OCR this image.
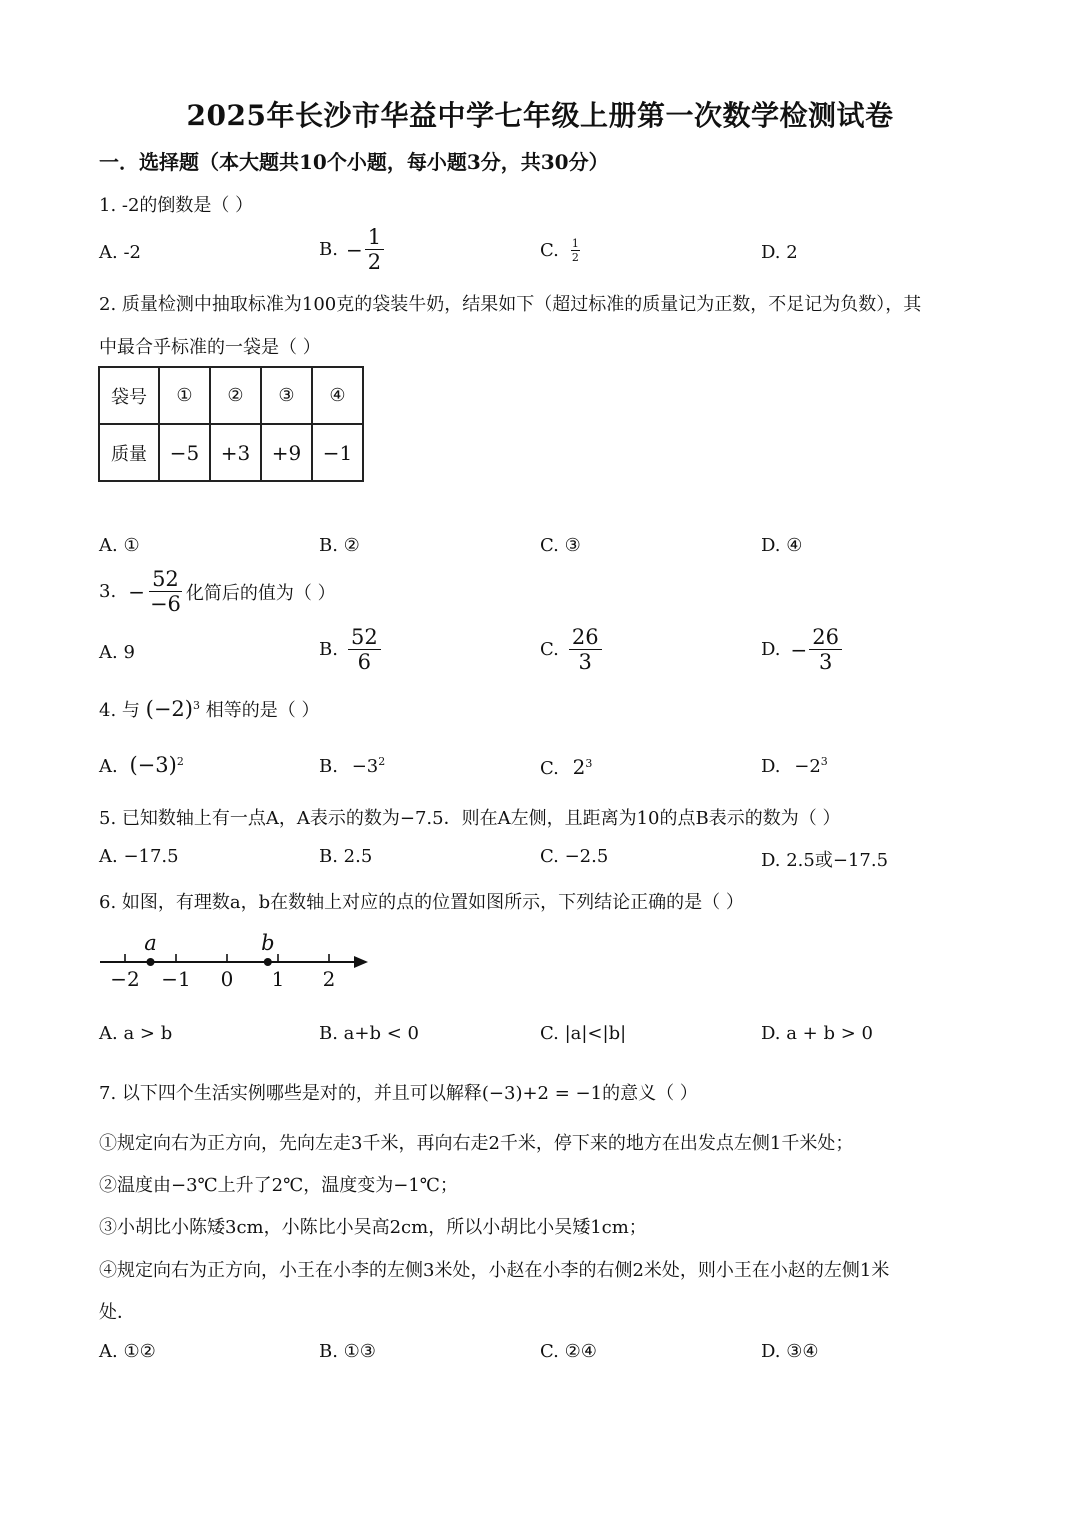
2025年长沙市华益中学七年级上册第一次数学检测试卷
一．选择题（本大题共10个小题，每小题3分，共30分）
1. -2的倒数是（ ）
A. -2	B. − $\frac{1}{2}$	C. $\frac{1}{2}$	D. 2
2. 质量检测中抽取标准为100克的袋装牛奶，结果如下（超过标准的质量记为正数，不足记为负数），其
中最合乎标准的一袋是（ ）
袋号	①	②	③	④
质量	−5	+3	+9	−1
A. ①	B. ②	C. ③	D. ④
3. − $\frac{52}{-6}$ 化简后的值为（ ）
A. 9	B. $\frac{52}{6}$	C. $\frac{26}{3}$	D. − $\frac{26}{3}$
4. 与 $(-2)^3$ 相等的是（ ）
A. $(-3)^2$	B. $-3^2$	C. $2^3$	D. $-2^3$
5. 已知数轴上有一点A，A表示的数为−7.5．则在A左侧，且距离为10的点B表示的数为（ ）
A. −17.5	B. 2.5	C. −2.5	D. 2.5或−17.5
6. 如图，有理数a，b在数轴上对应的点的位置如图所示，下列结论正确的是（ ）
−2 −1 0 1 2
a	b
A. a > b	B. a+b < 0	C. |a|<|b|	D. a + b > 0
7. 以下四个生活实例哪些是对的，并且可以解释(−3)+2 = −1的意义（ ）
①规定向右为正方向，先向左走3千米，再向右走2千米，停下来的地方在出发点左侧1千米处；
②温度由−3℃上升了2℃，温度变为−1℃；
③小胡比小陈矮3cm，小陈比小吴高2cm，所以小胡比小吴矮1cm；
④规定向右为正方向，小王在小李的左侧3米处，小赵在小李的右侧2米处，则小王在小赵的左侧1米
处．
A. ①②	B. ①③	C. ②④	D. ③④
